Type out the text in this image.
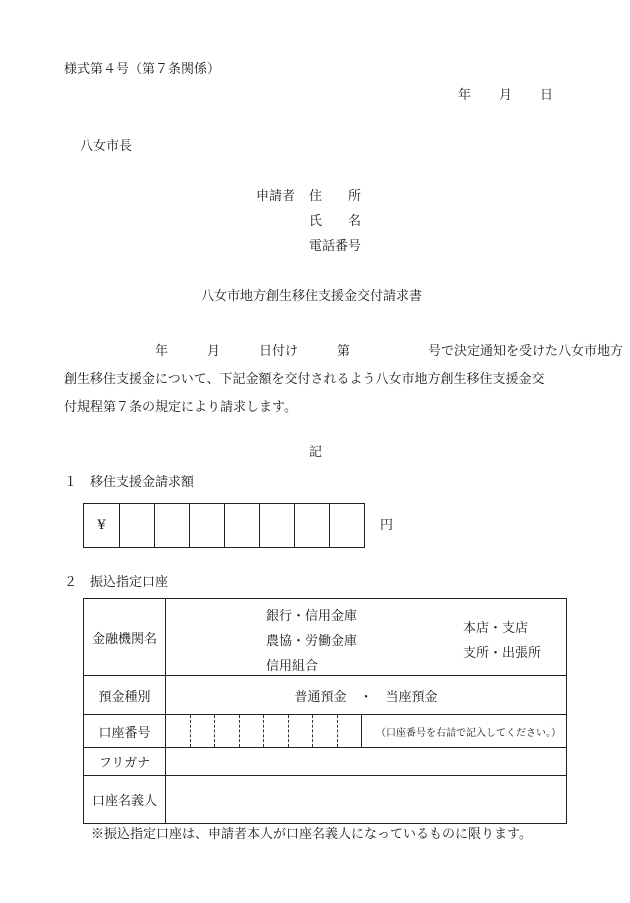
様式第４号（第７条関係）
年 月 日
八女市長
申請者 住　　所
氏　　名
電話番号
八女市地方創生移住支援金交付請求書
　　　　　　　年　　　月　　　日付け　　　第　　　　　　号で決定通知を受けた八女市地方
創生移住支援金について、下記金額を交付されるよう八女市地方創生移住支援金交
付規程第７条の規定により請求します。
記
１　移住支援金請求額
¥	円
２　振込指定口座
金融機関名	銀行・信用金庫
農協・労働金庫
信用組合
本店・支店
支所・出張所

預金種別	普通預金　・　当座預金
口座番号	（口座番号を右詰で記入してください。）

フリガナ	
口座名義人	
※振込指定口座は、申請者本人が口座名義人になっているものに限ります。
